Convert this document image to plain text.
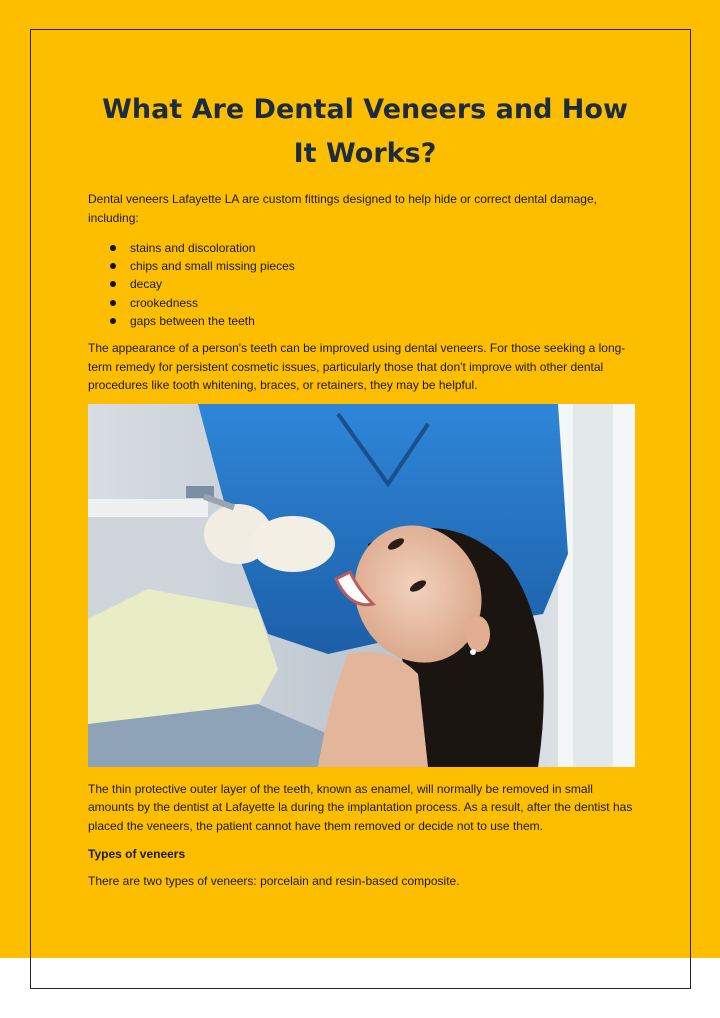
What Are Dental Veneers and How It Works?

Dental veneers Lafayette LA are custom fittings designed to help hide or correct dental damage, including:

stains and discoloration
chips and small missing pieces
decay
crookedness
gaps between the teeth

The appearance of a person's teeth can be improved using dental veneers. For those seeking a long-term remedy for persistent cosmetic issues, particularly those that don't improve with other dental procedures like tooth whitening, braces, or retainers, they may be helpful.

The thin protective outer layer of the teeth, known as enamel, will normally be removed in small amounts by the dentist at Lafayette la during the implantation process. As a result, after the dentist has placed the veneers, the patient cannot have them removed or decide not to use them.

Types of veneers

There are two types of veneers: porcelain and resin-based composite.
